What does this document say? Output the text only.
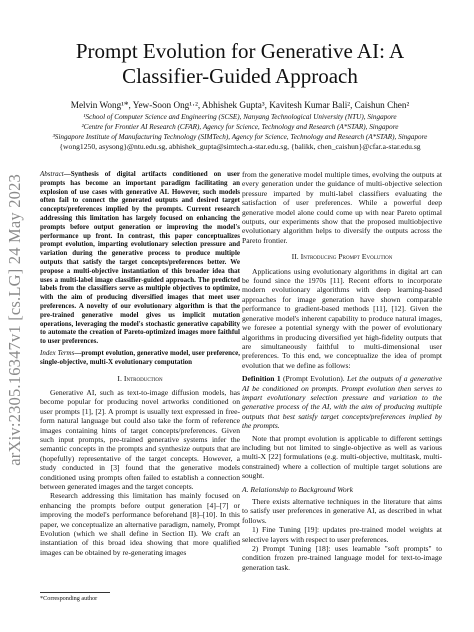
arXiv:2305.16347v1 [cs.LG] 24 May 2023
Prompt Evolution for Generative AI: A
Classifier-Guided Approach
Melvin Wong¹*, Yew-Soon Ong¹·², Abhishek Gupta³, Kavitesh Kumar Bali², Caishun Chen²
¹School of Computer Science and Engineering (SCSE), Nanyang Technological University (NTU), Singapore
²Centre for Frontier AI Research (CFAR), Agency for Science, Technology and Research (A*STAR), Singapore
³Singapore Institute of Manufacturing Technology (SIMTech), Agency for Science, Technology and Research (A*STAR), Singapore
{wong1250, asysong}@ntu.edu.sg, abhishek_gupta@simtech.a-star.edu.sg, {balikk, chen_caishun}@cfar.a-star.edu.sg
Abstract—Synthesis of digital artifacts conditioned on user prompts has become an important paradigm facilitating an explosion of use cases with generative AI. However, such models often fail to connect the generated outputs and desired target concepts/preferences implied by the prompts. Current research addressing this limitation has largely focused on enhancing the prompts before output generation or improving the model's performance up front. In contrast, this paper conceptualizes prompt evolution, imparting evolutionary selection pressure and variation during the generative process to produce multiple outputs that satisfy the target concepts/preferences better. We propose a multi-objective instantiation of this broader idea that uses a multi-label image classifier-guided approach. The predicted labels from the classifiers serve as multiple objectives to optimize, with the aim of producing diversified images that meet user preferences. A novelty of our evolutionary algorithm is that the pre-trained generative model gives us implicit mutation operations, leveraging the model's stochastic generative capability to automate the creation of Pareto-optimized images more faithful to user preferences.
Index Terms—prompt evolution, generative model, user preference, single-objective, multi-X evolutionary computation
I. Introduction

Generative AI, such as text-to-image diffusion models, has become popular for producing novel artworks conditioned on user prompts [1], [2]. A prompt is usually text expressed in free-form natural language but could also take the form of reference images containing hints of target concepts/preferences. Given such input prompts, pre-trained generative systems infer the semantic concepts in the prompts and synthesize outputs that are (hopefully) representative of the target concepts. However, a study conducted in [3] found that the generative models conditioned using prompts often failed to establish a connection between generated images and the target concepts.

Research addressing this limitation has mainly focused on enhancing the prompts before output generation [4]–[7] or improving the model's performance beforehand [8]–[10]. In this paper, we conceptualize an alternative paradigm, namely, Prompt Evolution (which we shall define in Section II). We craft an instantiation of this broad idea showing that more qualified images can be obtained by re-generating images

from the generative model multiple times, evolving the outputs at every generation under the guidance of multi-objective selection pressure imparted by multi-label classifiers evaluating the satisfaction of user preferences. While a powerful deep generative model alone could come up with near Pareto optimal outputs, our experiments show that the proposed multiobjective evolutionary algorithm helps to diversify the outputs across the Pareto frontier.

II. Introducing Prompt Evolution

Applications using evolutionary algorithms in digital art can be found since the 1970s [11]. Recent efforts to incorporate modern evolutionary algorithms with deep learning-based approaches for image generation have shown comparable performance to gradient-based methods [11], [12]. Given the generative model's inherent capability to produce natural images, we foresee a potential synergy with the power of evolutionary algorithms in producing diversified yet high-fidelity outputs that are simultaneously faithful to multi-dimensional user preferences. To this end, we conceptualize the idea of prompt evolution that we define as follows:

Definition 1 (Prompt Evolution). Let the outputs of a generative AI be conditioned on prompts. Prompt evolution then serves to impart evolutionary selection pressure and variation to the generative process of the AI, with the aim of producing multiple outputs that best satisfy target concepts/preferences implied by the prompts.

Note that prompt evolution is applicable to different settings including but not limited to single-objective as well as various multi-X [22] formulations (e.g. multi-objective, multitask, multi-constrained) where a collection of multiple target solutions are sought.

A. Relationship to Background Work

There exists alternative techniques in the literature that aims to satisfy user preferences in generative AI, as described in what follows.

1) Fine Tuning [19]: updates pre-trained model weights at selective layers with respect to user preferences.

2) Prompt Tuning [18]: uses learnable "soft prompts" to condition frozen pre-trained language model for text-to-image generation task.

*Corresponding author
